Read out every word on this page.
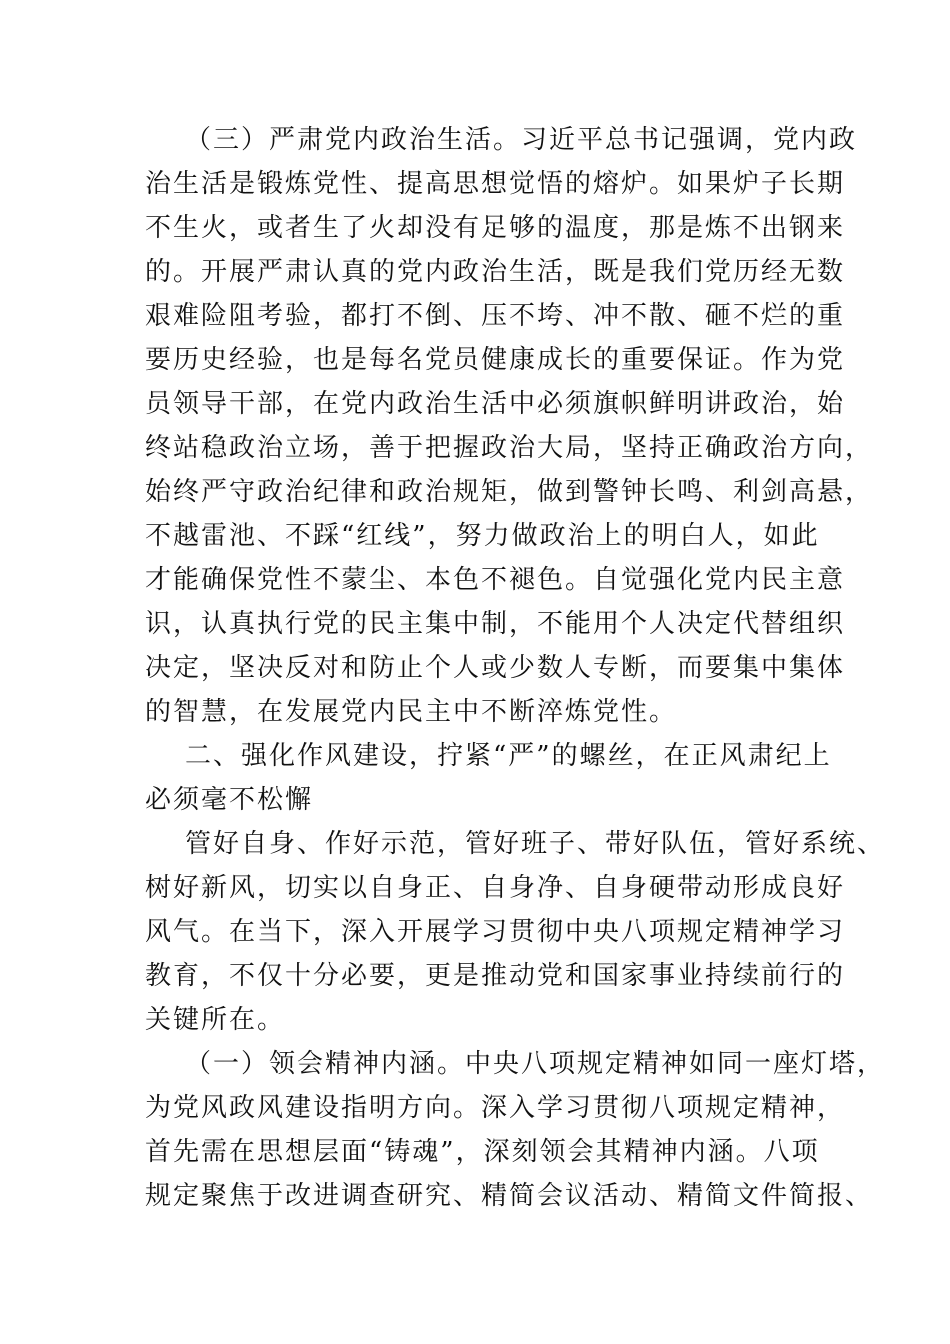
（三）严肃党内政治生活。习近平总书记强调，党内政
治生活是锻炼党性、提高思想觉悟的熔炉。如果炉子长期
不生火，或者生了火却没有足够的温度，那是炼不出钢来
的。开展严肃认真的党内政治生活，既是我们党历经无数
艰难险阻考验，都打不倒、压不垮、冲不散、砸不烂的重
要历史经验，也是每名党员健康成长的重要保证。作为党
员领导干部，在党内政治生活中必须旗帜鲜明讲政治，始
终站稳政治立场，善于把握政治大局，坚持正确政治方向，
始终严守政治纪律和政治规矩，做到警钟长鸣、利剑高悬，
不越雷池、不踩“红线”，努力做政治上的明白人，如此
才能确保党性不蒙尘、本色不褪色。自觉强化党内民主意
识，认真执行党的民主集中制，不能用个人决定代替组织
决定，坚决反对和防止个人或少数人专断，而要集中集体
的智慧，在发展党内民主中不断淬炼党性。
二、强化作风建设，拧紧“严”的螺丝，在正风肃纪上
必须毫不松懈
管好自身、作好示范，管好班子、带好队伍，管好系统、
树好新风，切实以自身正、自身净、自身硬带动形成良好
风气。在当下，深入开展学习贯彻中央八项规定精神学习
教育，不仅十分必要，更是推动党和国家事业持续前行的
关键所在。
（一）领会精神内涵。中央八项规定精神如同一座灯塔，
为党风政风建设指明方向。深入学习贯彻八项规定精神，
首先需在思想层面“铸魂”，深刻领会其精神内涵。八项
规定聚焦于改进调查研究、精简会议活动、精简文件简报、
